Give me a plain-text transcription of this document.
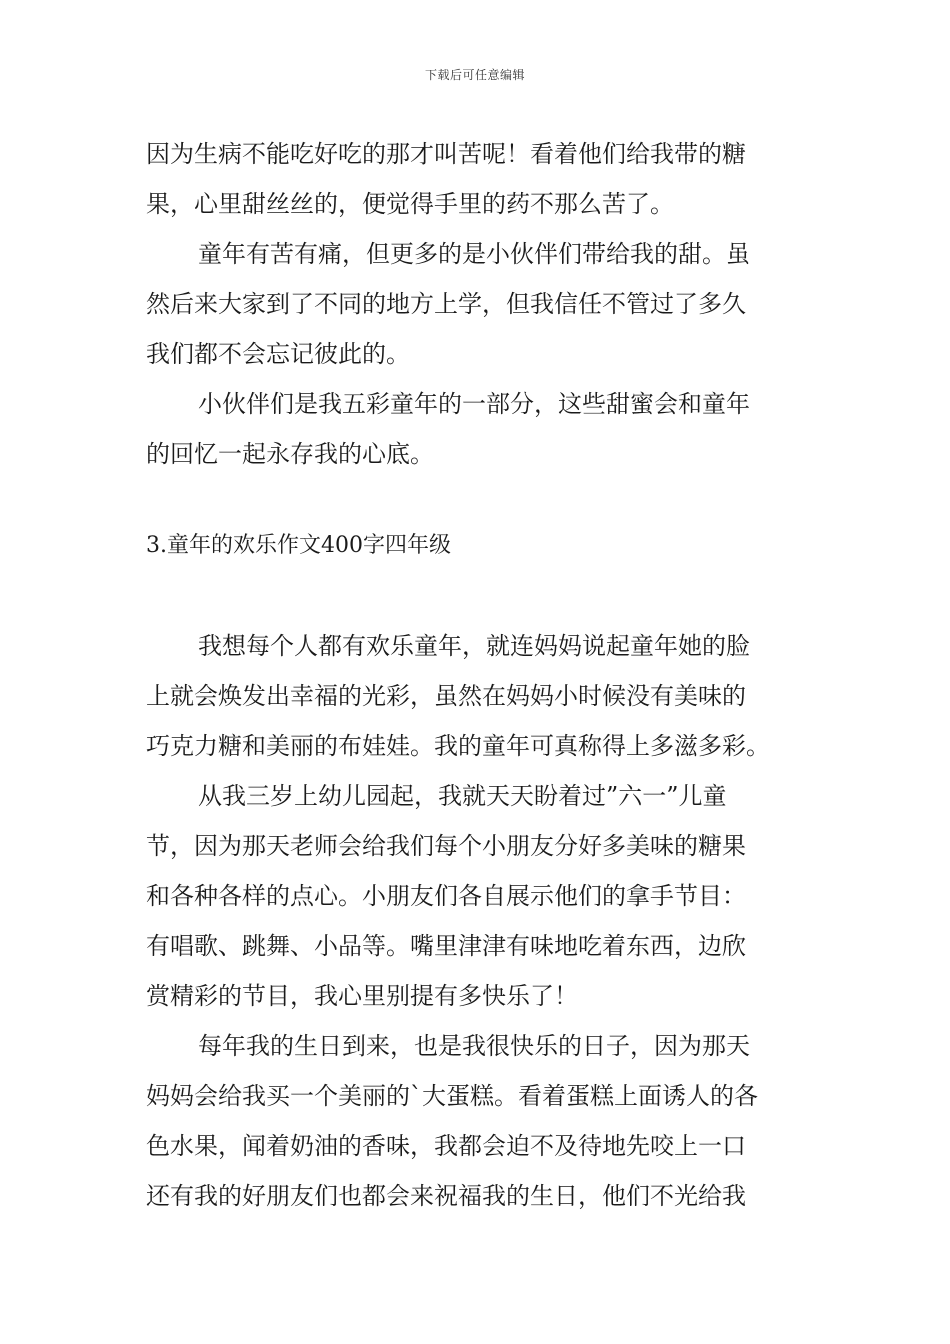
下载后可任意编辑
因为生病不能吃好吃的那才叫苦呢！看着他们给我带的糖
果，心里甜丝丝的，便觉得手里的药不那么苦了。
童年有苦有痛，但更多的是小伙伴们带给我的甜。虽
然后来大家到了不同的地方上学，但我信任不管过了多久
我们都不会忘记彼此的。
小伙伴们是我五彩童年的一部分，这些甜蜜会和童年
的回忆一起永存我的心底。
3.童年的欢乐作文400字四年级
我想每个人都有欢乐童年，就连妈妈说起童年她的脸
上就会焕发出幸福的光彩，虽然在妈妈小时候没有美味的
巧克力糖和美丽的布娃娃。我的童年可真称得上多滋多彩。
从我三岁上幼儿园起，我就天天盼着过”六一”儿童
节，因为那天老师会给我们每个小朋友分好多美味的糖果
和各种各样的点心。小朋友们各自展示他们的拿手节目：
有唱歌、跳舞、小品等。嘴里津津有味地吃着东西，边欣
赏精彩的节目，我心里别提有多快乐了！
每年我的生日到来，也是我很快乐的日子，因为那天
妈妈会给我买一个美丽的`大蛋糕。看着蛋糕上面诱人的各
色水果，闻着奶油的香味，我都会迫不及待地先咬上一口
还有我的好朋友们也都会来祝福我的生日，他们不光给我
